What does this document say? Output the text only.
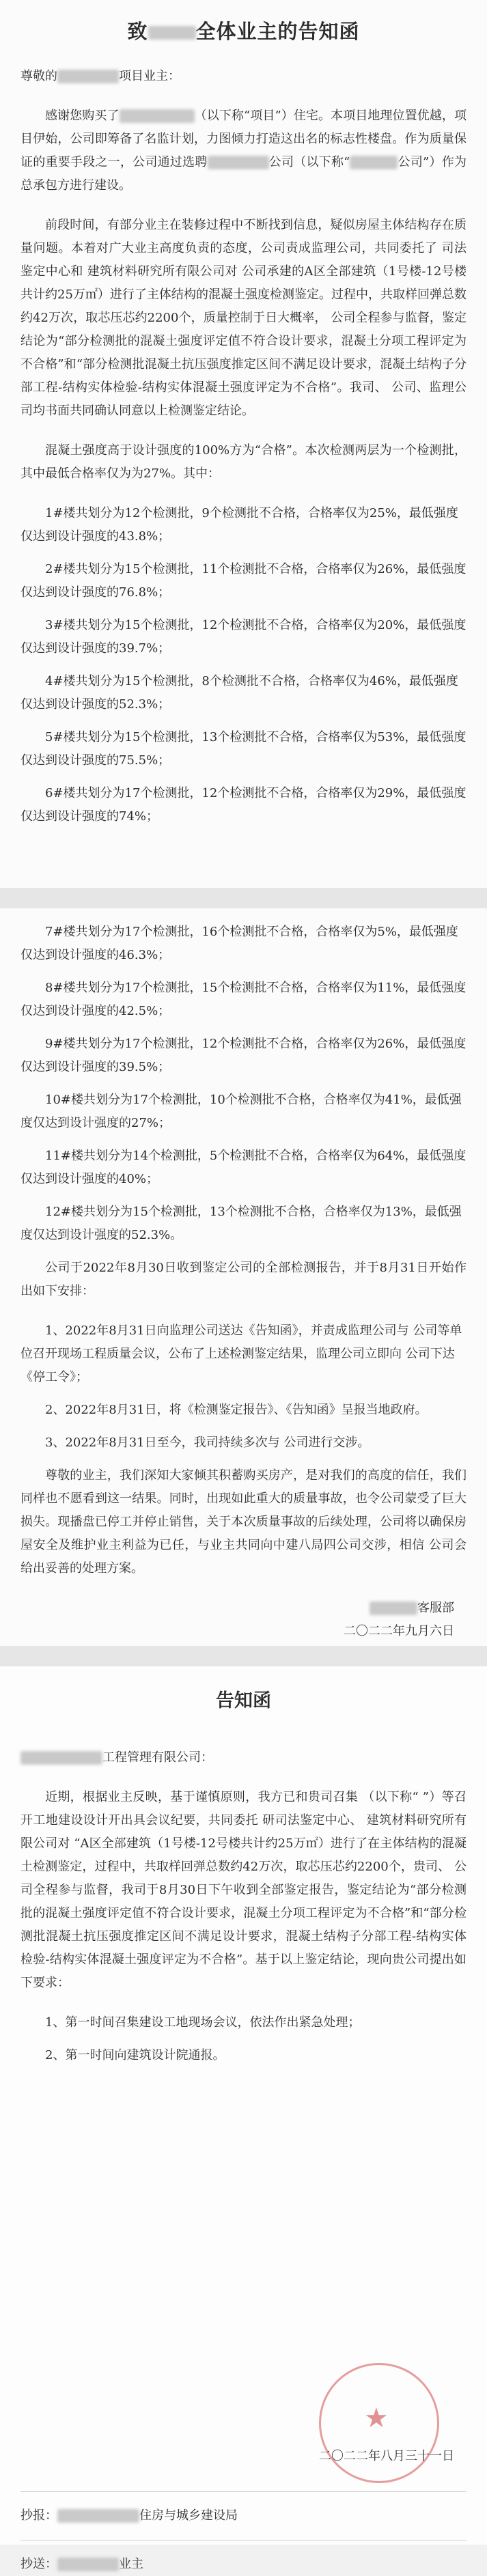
致 全体业主的告知函

尊敬的	项目业主：

感谢您购买了	（以下称“项目”）住宅。本项目地理位置优越，项目伊始，公司即筹备了名监计划，力图倾力打造这出名的标志性楼盘。作为质量保证的重要手段之一，公司通过选聘	公司（以下称“	公司”）作为总承包方进行建设。

前段时间，有部分业主在装修过程中不断找到信息，疑似房屋主体结构存在质量问题。本着对广大业主高度负责的态度，公司责成监理公司，共同委托了 司法鉴定中心和 建筑材料研究所有限公司对 公司承建的A区全部建筑（1号楼-12号楼共计约25万㎡）进行了主体结构的混凝土强度检测鉴定。过程中，共取样回弹总数约42万次，取芯压芯约2200个，质量控制于日大概率， 公司全程参与监督，鉴定结论为“部分检测批的混凝土强度评定值不符合设计要求，混凝土分项工程评定为不合格”和“部分检测批混凝土抗压强度推定区间不满足设计要求，混凝土结构子分部工程-结构实体检验-结构实体混凝土强度评定为不合格”。我司、 公司、监理公司均书面共同确认同意以上检测鉴定结论。

混凝土强度高于设计强度的100%方为“合格”。本次检测两层为一个检测批，其中最低合格率仅为为27%。其中：

1#楼共划分为12个检测批，9个检测批不合格，合格率仅为25%，最低强度仅达到设计强度的43.8%；

2#楼共划分为15个检测批，11个检测批不合格，合格率仅为26%，最低强度仅达到设计强度的76.8%；

3#楼共划分为15个检测批，12个检测批不合格，合格率仅为20%，最低强度仅达到设计强度的39.7%；

4#楼共划分为15个检测批，8个检测批不合格，合格率仅为46%，最低强度仅达到设计强度的52.3%；

5#楼共划分为15个检测批，13个检测批不合格，合格率仅为53%，最低强度仅达到设计强度的75.5%；

6#楼共划分为17个检测批，12个检测批不合格，合格率仅为29%，最低强度仅达到设计强度的74%；

7#楼共划分为17个检测批，16个检测批不合格，合格率仅为5%，最低强度仅达到设计强度的46.3%；

8#楼共划分为17个检测批，15个检测批不合格，合格率仅为11%，最低强度仅达到设计强度的42.5%；

9#楼共划分为17个检测批，12个检测批不合格，合格率仅为26%，最低强度仅达到设计强度的39.5%；

10#楼共划分为17个检测批，10个检测批不合格，合格率仅为41%，最低强度仅达到设计强度的27%；

11#楼共划分为14个检测批，5个检测批不合格，合格率仅为64%，最低强度仅达到设计强度的40%；

12#楼共划分为15个检测批，13个检测批不合格，合格率仅为13%，最低强度仅达到设计强度的52.3%。

公司于2022年8月30日收到鉴定公司的全部检测报告，并于8月31日开始作出如下安排：

1、2022年8月31日向监理公司送达《告知函》，并责成监理公司与 公司等单位召开现场工程质量会议，公布了上述检测鉴定结果，监理公司立即向 公司下达《停工令》；

2、2022年8月31日，将《检测鉴定报告》、《告知函》呈报当地政府。

3、2022年8月31日至今，我司持续多次与 公司进行交涉。

尊敬的业主，我们深知大家倾其积蓄购买房产，是对我们的高度的信任，我们同样也不愿看到这一结果。同时，出现如此重大的质量事故，也令公司蒙受了巨大损失。现播盘已停工并停止销售，关于本次质量事故的后续处理，公司将以确保房屋安全及维护业主利益为已任，与业主共同向中建八局四公司交涉，相信 公司会给出妥善的处理方案。

客服部
二〇二二年九月六日
告知函

工程管理有限公司：

近期，根据业主反映，基于谨慎原则，我方已和贵司召集 （以下称“ ”）等召开工地建设设计开出具会议纪要，共同委托 研司法鉴定中心、 建筑材料研究所有限公司对 “A区全部建筑（1号楼-12号楼共计约25万㎡）进行了在主体结构的混凝土检测鉴定，过程中，共取样回弹总数约42万次，取芯压芯约2200个，贵司、 公司全程参与监督，我司于8月30日下午收到全部鉴定报告，鉴定结论为“部分检测批的混凝土强度评定值不符合设计要求，混凝土分项工程评定为不合格”和“部分检测批混凝土抗压强度推定区间不满足设计要求，混凝土结构子分部工程-结构实体检验-结构实体混凝土强度评定为不合格”。基于以上鉴定结论，现向贵公司提出如下要求：

1、第一时间召集建设工地现场会议，依法作出紧急处理；

2、第一时间向建筑设计院通报。

★
二〇二二年八月三十一日

抄报：	住房与城乡建设局

抄送：	业主
